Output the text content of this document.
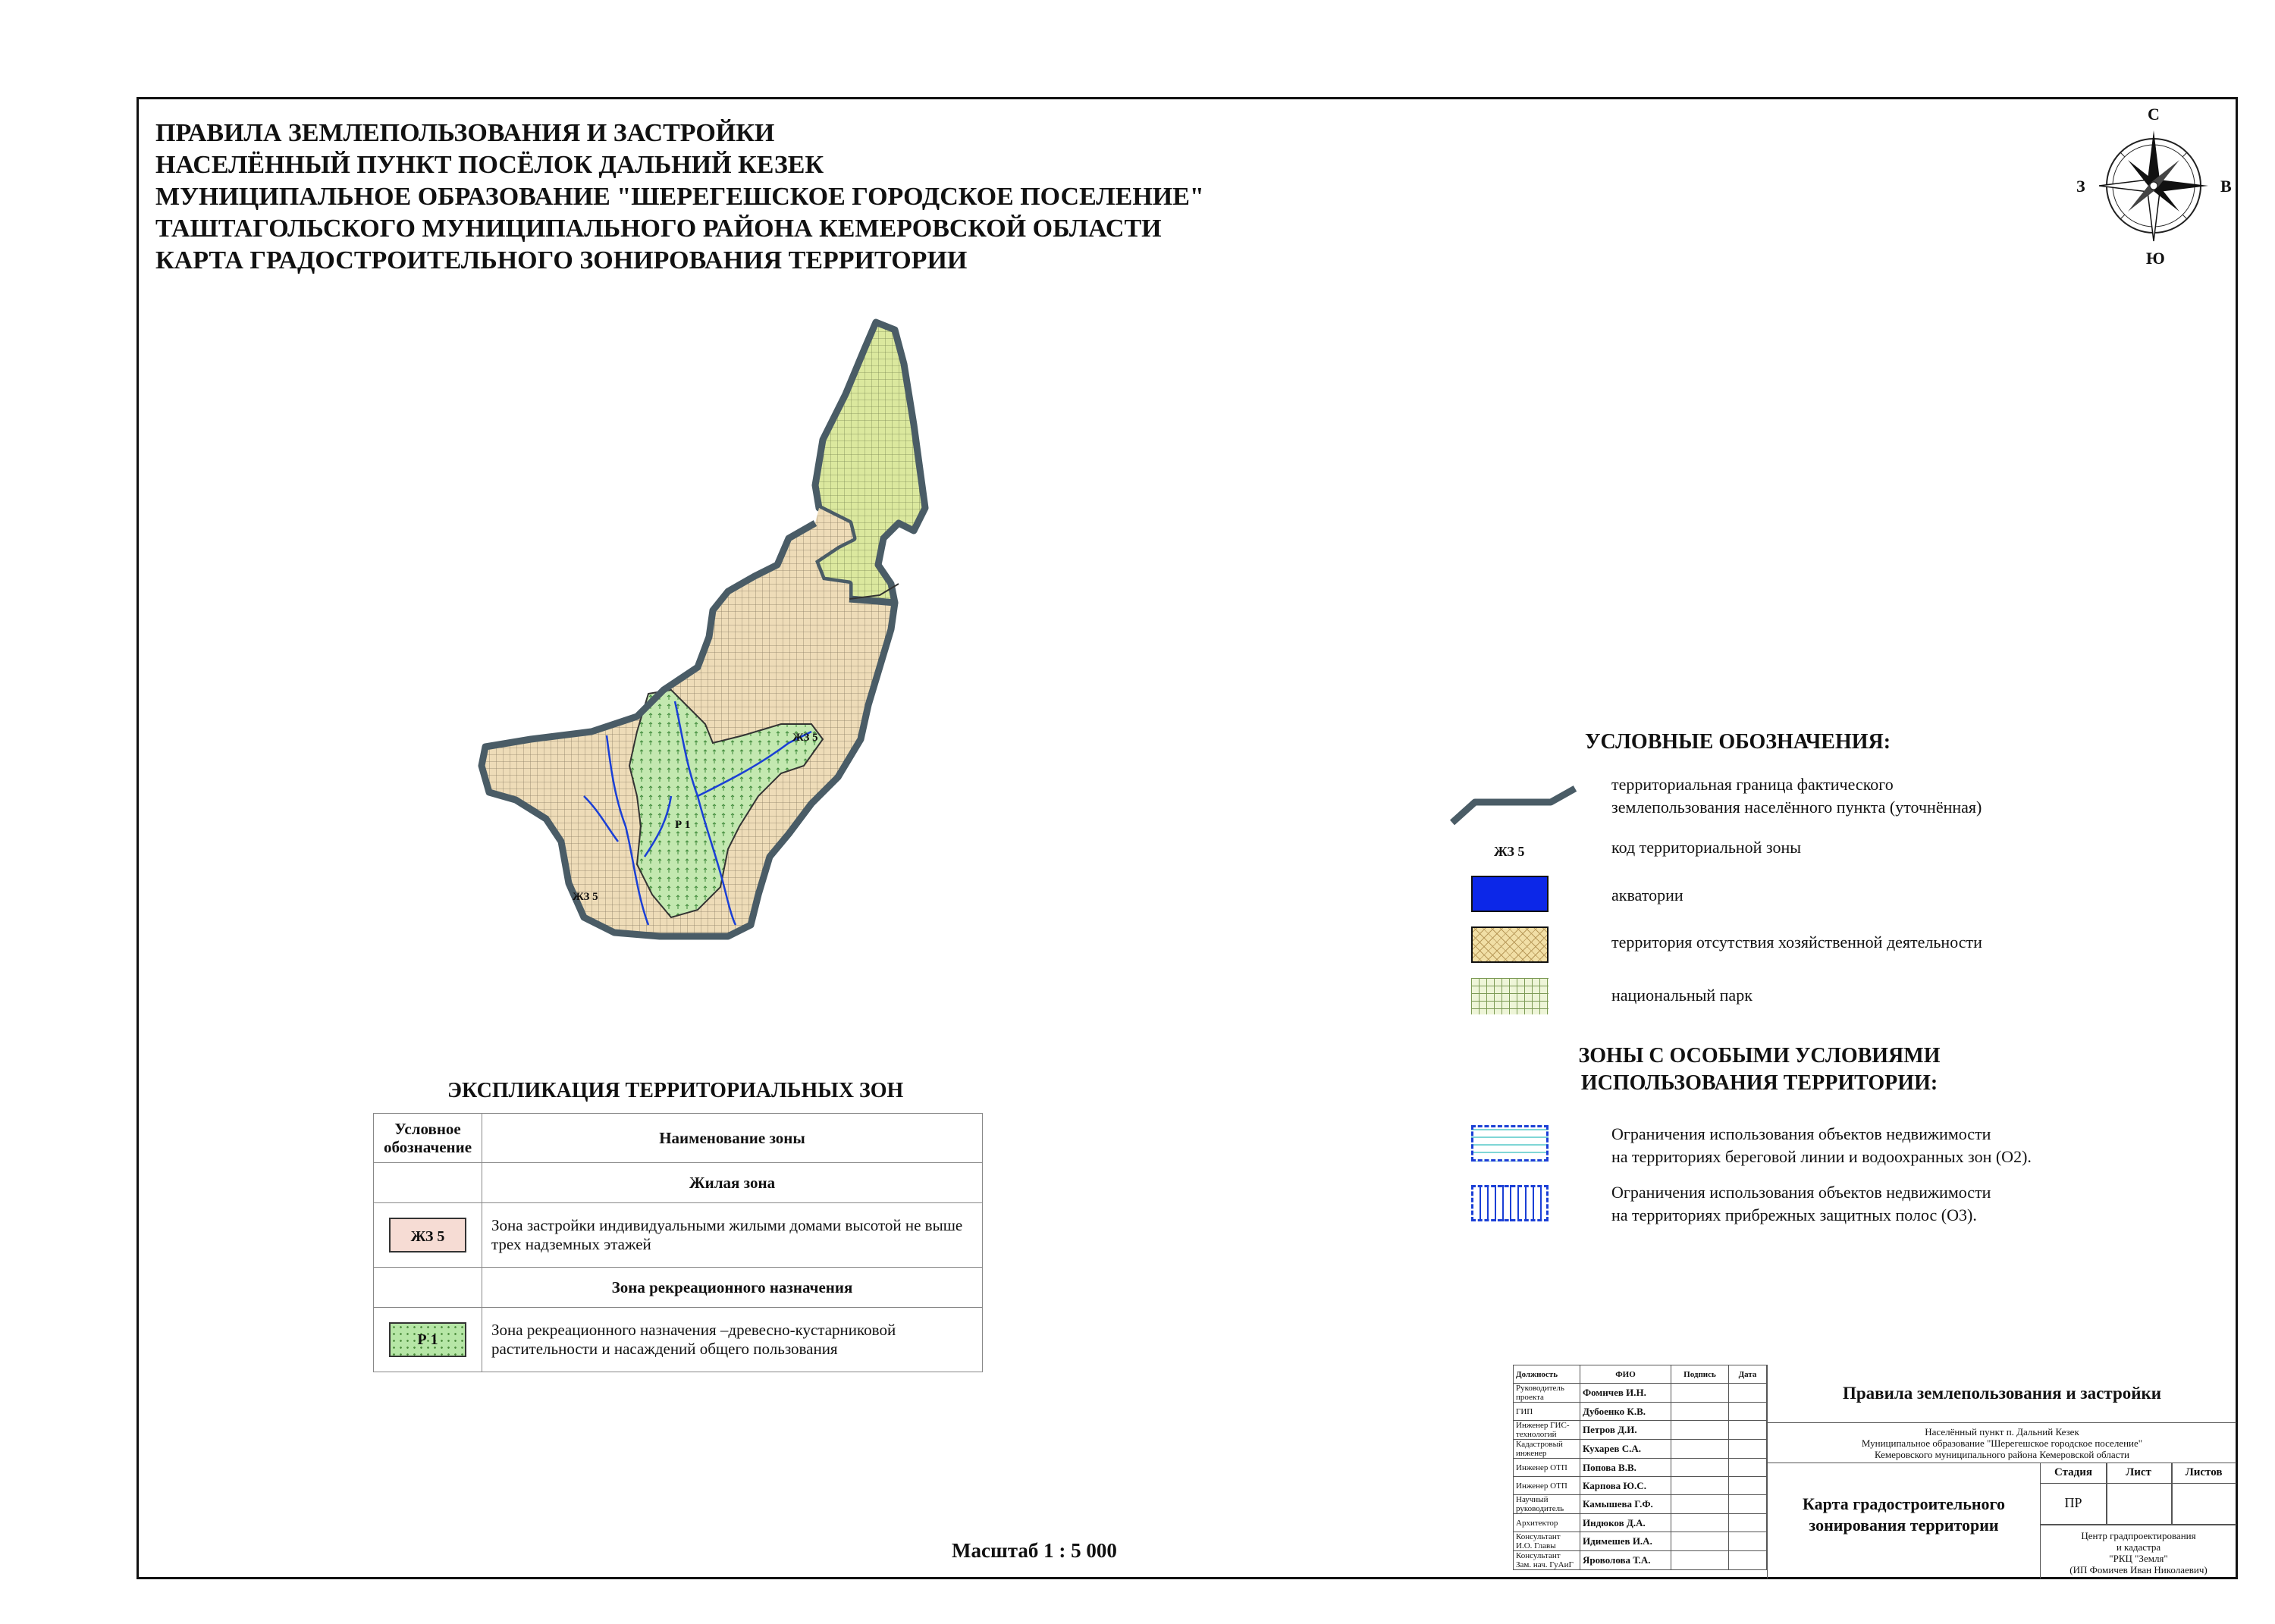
ПРАВИЛА ЗЕМЛЕПОЛЬЗОВАНИЯ И ЗАСТРОЙКИ
НАСЕЛЁННЫЙ ПУНКТ ПОСЁЛОК ДАЛЬНИЙ КЕЗЕК
МУНИЦИПАЛЬНОЕ ОБРАЗОВАНИЕ "ШЕРЕГЕШСКОЕ ГОРОДСКОЕ ПОСЕЛЕНИЕ"
ТАШТАГОЛЬСКОГО МУНИЦИПАЛЬНОГО РАЙОНА КЕМЕРОВСКОЙ ОБЛАСТИ
КАРТА ГРАДОСТРОИТЕЛЬНОГО ЗОНИРОВАНИЯ ТЕРРИТОРИИ
С
Ю
З	В
ЖЗ 5
ЖЗ 5
Р 1
УСЛОВНЫЕ ОБОЗНАЧЕНИЯ:
территориальная граница фактического
землепользования населённого пункта (уточнённая)
ЖЗ 5	код территориальной зоны
акватории
территория отсутствия хозяйственной деятельности
национальный парк
ЗОНЫ С ОСОБЫМИ УСЛОВИЯМИ
ИСПОЛЬЗОВАНИЯ ТЕРРИТОРИИ:
Ограничения использования объектов недвижимости
на территориях береговой линии и водоохранных зон (О2).
Ограничения использования объектов недвижимости
на территориях прибрежных защитных полос (О3).
ЭКСПЛИКАЦИЯ ТЕРРИТОРИАЛЬНЫХ ЗОН
Условное обозначение	Наименование зоны
	Жилая зона
ЖЗ 5	Зона застройки индивидуальными жилыми домами высотой не выше трех надземных этажей
	Зона рекреационного назначения
Р 1	Зона рекреационного назначения –древесно-кустарниковой растительности и насаждений общего пользования
Масштаб 1 : 5 000
Должность	ФИО	Подпись	Дата
Руководитель проекта	Фомичев И.Н.		
ГИП	Дубоенко К.В.		
Инженер ГИС-технологий	Петров Д.И.		
Кадастровый инженер	Кухарев С.А.		
Инженер ОТП	Попова В.В.		
Инженер ОТП	Карпова Ю.С.		
Научный руководитель	Камышева Г.Ф.		
Архитектор	Индюков Д.А.		
Консультант И.О. Главы	Идимешев И.А.		
Консультант Зам. нач. ГуАиГ	Яроволова Т.А.		
Правила землепользования и застройки
Населённый пункт п. Дальний Кезек
Муниципальное образование "Шерегешское городское поселение"
Кемеровского муниципального района Кемеровской области
Карта градостроительного
зонирования территории
Стадия	Лист	Листов
ПР
Центр градпроектирования
и кадастра
"РКЦ "Земля"
(ИП Фомичев Иван Николаевич)
